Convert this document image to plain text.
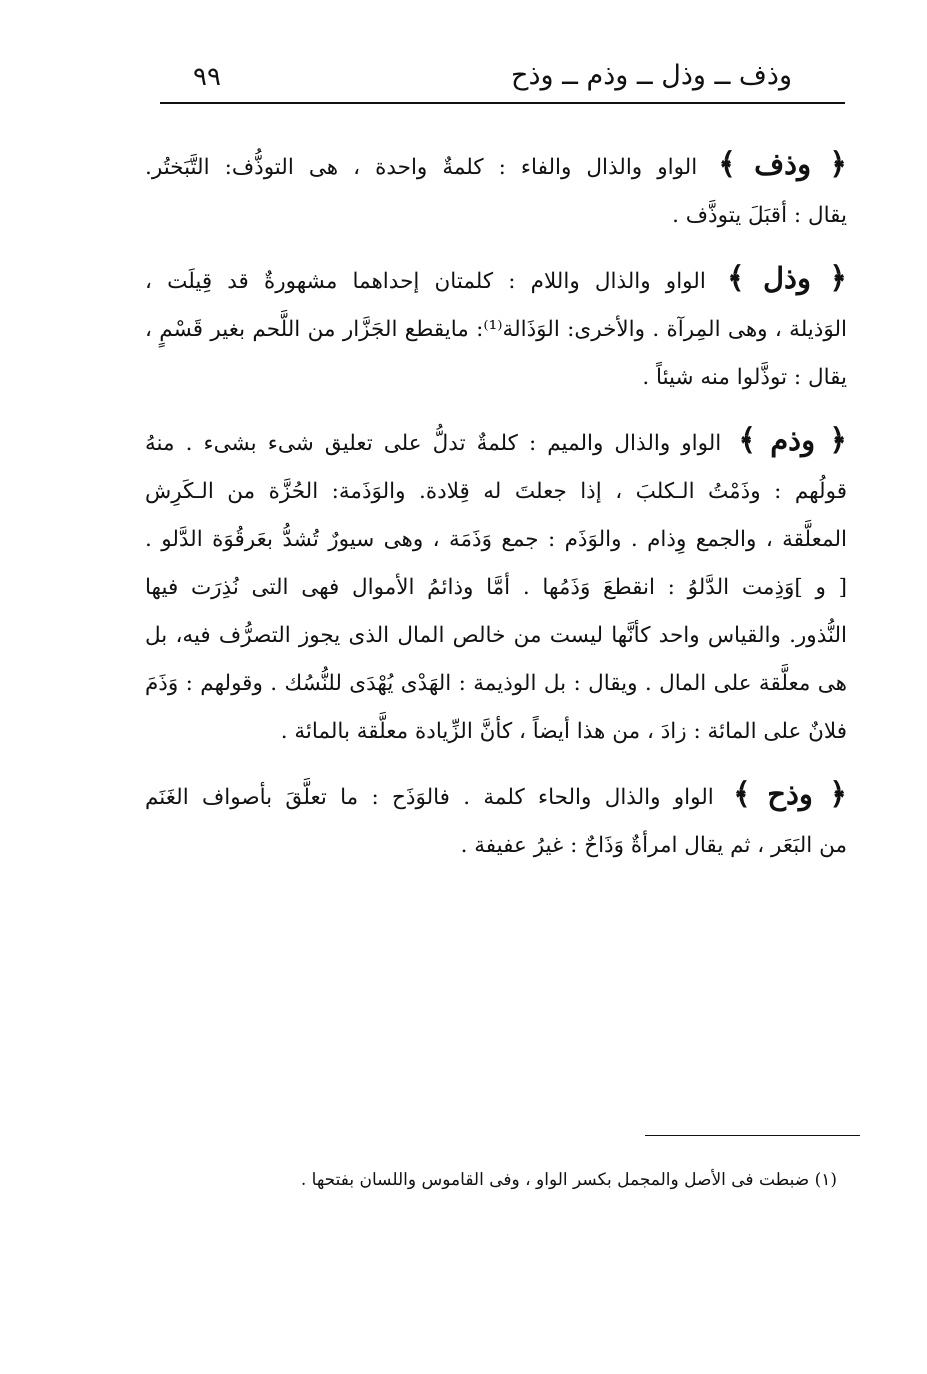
٩٩	وذف ــ وذل ــ وذم ــ وذح

﴿ وذف ﴾ الواو والذال والفاء : كلمةٌ واحدة ، هى التوذُّف: التَّبَختُر.
يقال : أقبَلَ يتوذَّف .

﴿ وذل ﴾ الواو والذال واللام : كلمتان إحداهما مشهورةٌ قد قِيلَت ،
الوَذيلة ، وهى المِرآة . والأخرى: الوَذَالة⁽¹⁾: مايقطع الجَزَّار من اللَّحم بغير قَسْمٍ ،
يقال : توذَّلوا منه شيئاً .

﴿ وذم ﴾ الواو والذال والميم : كلمةٌ تدلُّ على تعليق شىء بشىء . منهُ
قولُهم : وذَمْتُ الـكلبَ ، إذا جعلتَ له قِلادة. والوَذَمة: الحُزَّة من الـكَرِش
المعلَّقة ، والجمع وِذام . والوَذَم : جمع وَذَمَة ، وهى سيورٌ تُشدُّ بعَرقُوَة الدَّلو .
[ و ]وَذِمت الدَّلوُ : انقطعَ وَذَمُها . أمَّا وذائمُ الأموال فهى التى نُذِرَت فيها
النُّذور. والقياس واحد كأنَّها ليست من خالص المال الذى يجوز التصرُّف فيه، بل
هى معلَّقة على المال . ويقال : بل الوذيمة : الهَدْى يُهْدَى للنُّسُك . وقولهم : وَذَمَ
فلانٌ على المائة : زادَ ، من هذا أيضاً ، كأنَّ الزِّيادة معلَّقة بالمائة .

﴿ وذح ﴾ الواو والذال والحاء كلمة . فالوَذَح : ما تعلَّقَ بأصواف الغَنَم
من البَعَر ، ثم يقال امرأةٌ وَذَاحٌ : غيرُ عفيفة .

(١) ضبطت فى الأصل والمجمل بكسر الواو ، وفى القاموس واللسان بفتحها .
